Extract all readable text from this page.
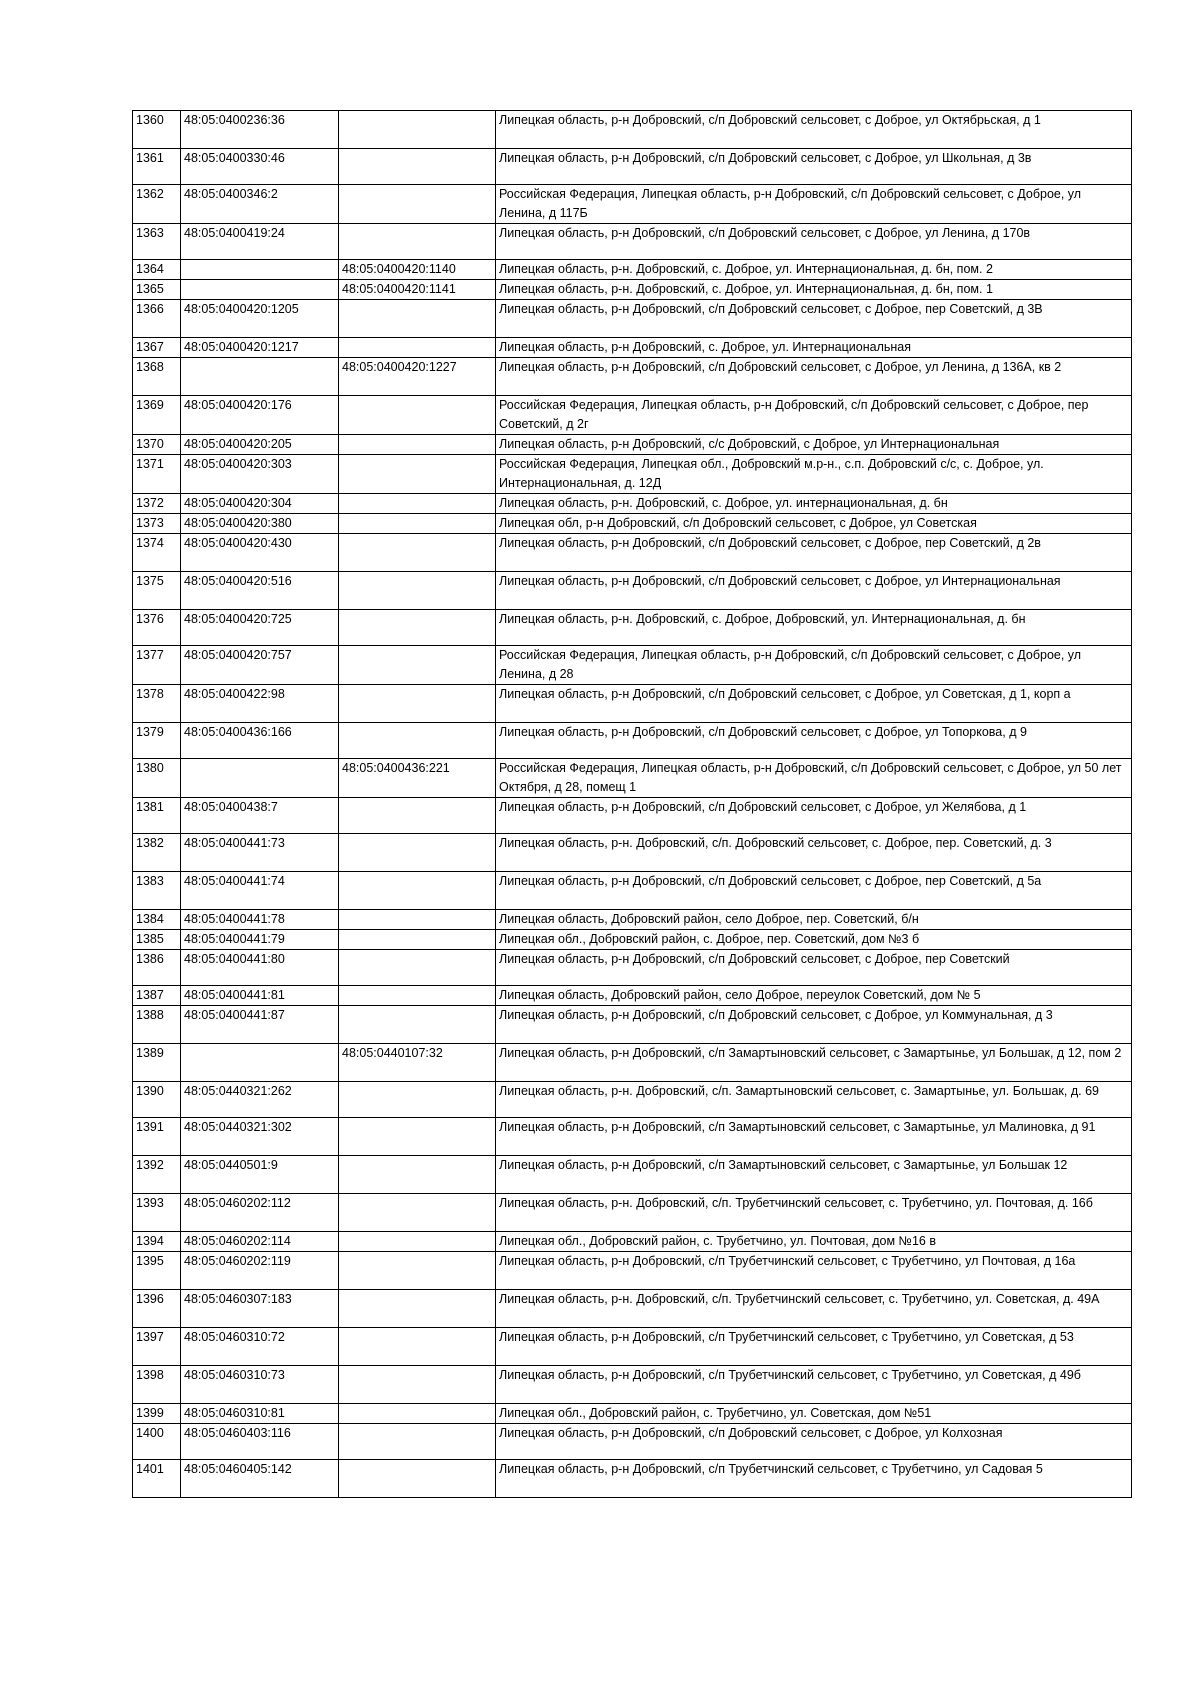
1360	48:05:0400236:36		Липецкая область, р-н Добровский, с/п Добровский сельсовет, с Доброе, ул Октябрьская, д 1
1361	48:05:0400330:46		Липецкая область, р-н Добровский, с/п Добровский сельсовет, с Доброе, ул Школьная, д 3в
1362	48:05:0400346:2		Российская Федерация, Липецкая область, р-н Добровский, с/п Добровский сельсовет, с Доброе, ул Ленина, д 117Б
1363	48:05:0400419:24		Липецкая область, р-н Добровский, с/п Добровский сельсовет, с Доброе, ул Ленина, д 170в
1364		48:05:0400420:1140	Липецкая область, р-н. Добровский, с. Доброе, ул. Интернациональная, д. бн, пом. 2
1365		48:05:0400420:1141	Липецкая область, р-н. Добровский, с. Доброе, ул. Интернациональная, д. бн, пом. 1
1366	48:05:0400420:1205		Липецкая область, р-н Добровский, с/п Добровский сельсовет, с Доброе, пер Советский, д 3В
1367	48:05:0400420:1217		Липецкая область, р-н Добровский, с. Доброе, ул. Интернациональная
1368		48:05:0400420:1227	Липецкая область, р-н Добровский, с/п Добровский сельсовет, с Доброе, ул Ленина, д 136А, кв 2
1369	48:05:0400420:176		Российская Федерация, Липецкая область, р-н Добровский, с/п Добровский сельсовет, с Доброе, пер Советский, д 2г
1370	48:05:0400420:205		Липецкая область, р-н Добровский, с/с Добровский, с Доброе, ул Интернациональная
1371	48:05:0400420:303		Российская Федерация, Липецкая обл., Добровский м.р-н., с.п. Добровский с/с, с. Доброе, ул. Интернациональная, д. 12Д
1372	48:05:0400420:304		Липецкая область, р-н. Добровский, с. Доброе, ул. интернациональная, д. бн
1373	48:05:0400420:380		Липецкая обл, р-н Добровский, с/п Добровский сельсовет, с Доброе, ул Советская
1374	48:05:0400420:430		Липецкая область, р-н Добровский, с/п Добровский сельсовет, с Доброе, пер Советский, д 2в
1375	48:05:0400420:516		Липецкая область, р-н Добровский, с/п Добровский сельсовет, с Доброе, ул Интернациональная
1376	48:05:0400420:725		Липецкая область, р-н. Добровский, с. Доброе, Добровский, ул. Интернациональная, д. бн
1377	48:05:0400420:757		Российская Федерация, Липецкая область, р-н Добровский, с/п Добровский сельсовет, с Доброе, ул Ленина, д 28
1378	48:05:0400422:98		Липецкая область, р-н Добровский, с/п Добровский сельсовет, с Доброе, ул Советская, д 1, корп а
1379	48:05:0400436:166		Липецкая область, р-н Добровский, с/п Добровский сельсовет, с Доброе, ул Топоркова, д 9
1380		48:05:0400436:221	Российская Федерация, Липецкая область, р-н Добровский, с/п Добровский сельсовет, с Доброе, ул 50 лет Октября, д 28, помещ 1
1381	48:05:0400438:7		Липецкая область, р-н Добровский, с/п Добровский сельсовет, с Доброе, ул Желябова, д 1
1382	48:05:0400441:73		Липецкая область, р-н. Добровский, с/п. Добровский сельсовет, с. Доброе, пер. Советский, д. 3
1383	48:05:0400441:74		Липецкая область, р-н Добровский, с/п Добровский сельсовет, с Доброе, пер Советский, д 5а
1384	48:05:0400441:78		Липецкая область, Добровский район, село Доброе, пер. Советский, б/н
1385	48:05:0400441:79		Липецкая обл., Добровский район, с. Доброе, пер. Советский, дом №3 б
1386	48:05:0400441:80		Липецкая область, р-н Добровский, с/п Добровский сельсовет, с Доброе, пер Советский
1387	48:05:0400441:81		Липецкая область, Добровский район, село Доброе, переулок Советский, дом № 5
1388	48:05:0400441:87		Липецкая область, р-н Добровский, с/п Добровский сельсовет, с Доброе, ул Коммунальная, д 3
1389		48:05:0440107:32	Липецкая область, р-н Добровский, с/п Замартыновский сельсовет, с Замартынье, ул Большак, д 12, пом 2
1390	48:05:0440321:262		Липецкая область, р-н. Добровский, с/п. Замартыновский сельсовет, с. Замартынье, ул. Большак, д. 69
1391	48:05:0440321:302		Липецкая область, р-н Добровский, с/п Замартыновский сельсовет, с Замартынье, ул Малиновка, д 91
1392	48:05:0440501:9		Липецкая область, р-н Добровский, с/п Замартыновский сельсовет, с Замартынье, ул Большак 12
1393	48:05:0460202:112		Липецкая область, р-н. Добровский, с/п. Трубетчинский сельсовет, с. Трубетчино, ул. Почтовая, д. 16б
1394	48:05:0460202:114		Липецкая обл., Добровский район, с. Трубетчино, ул. Почтовая, дом №16 в
1395	48:05:0460202:119		Липецкая область, р-н Добровский, с/п Трубетчинский сельсовет, с Трубетчино, ул Почтовая, д 16а
1396	48:05:0460307:183		Липецкая область, р-н. Добровский, с/п. Трубетчинский сельсовет, с. Трубетчино, ул. Советская, д. 49А
1397	48:05:0460310:72		Липецкая область, р-н Добровский, с/п Трубетчинский сельсовет, с Трубетчино, ул Советская, д 53
1398	48:05:0460310:73		Липецкая область, р-н Добровский, с/п Трубетчинский сельсовет, с Трубетчино, ул Советская, д 49б
1399	48:05:0460310:81		Липецкая обл., Добровский район, с. Трубетчино, ул. Советская, дом №51
1400	48:05:0460403:116		Липецкая область, р-н Добровский, с/п Добровский сельсовет, с Доброе, ул Колхозная
1401	48:05:0460405:142		Липецкая область, р-н Добровский, с/п Трубетчинский сельсовет, с Трубетчино, ул Садовая 5
